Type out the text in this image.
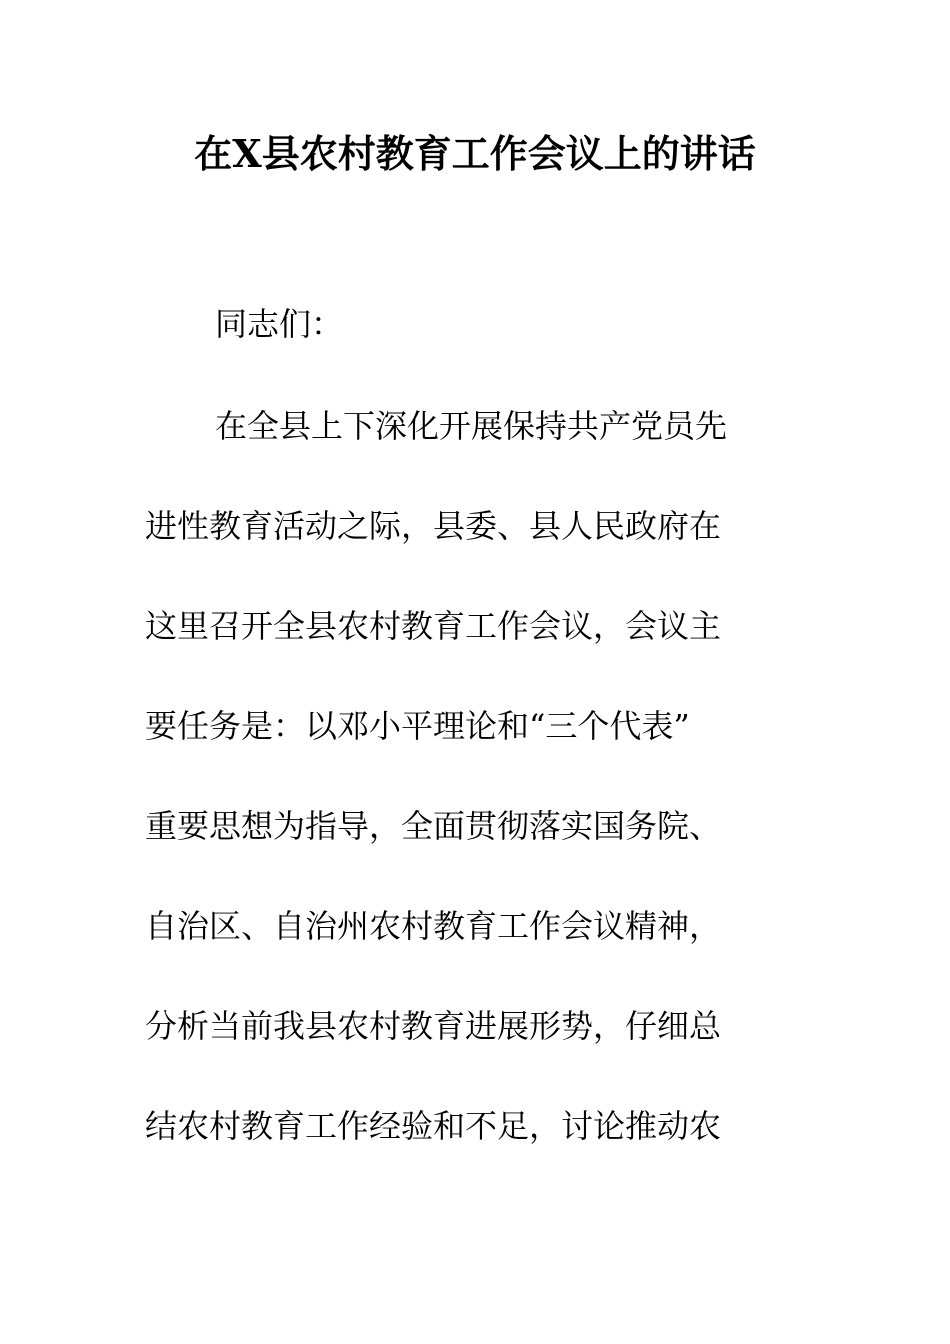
在X县农村教育工作会议上的讲话

同志们：

在全县上下深化开展保持共产党员先

进性教育活动之际，县委、县人民政府在

这里召开全县农村教育工作会议，会议主

要任务是：以邓小平理论和“三个代表”

重要思想为指导，全面贯彻落实国务院、

自治区、自治州农村教育工作会议精神，

分析当前我县农村教育进展形势，仔细总

结农村教育工作经验和不足，讨论推动农
